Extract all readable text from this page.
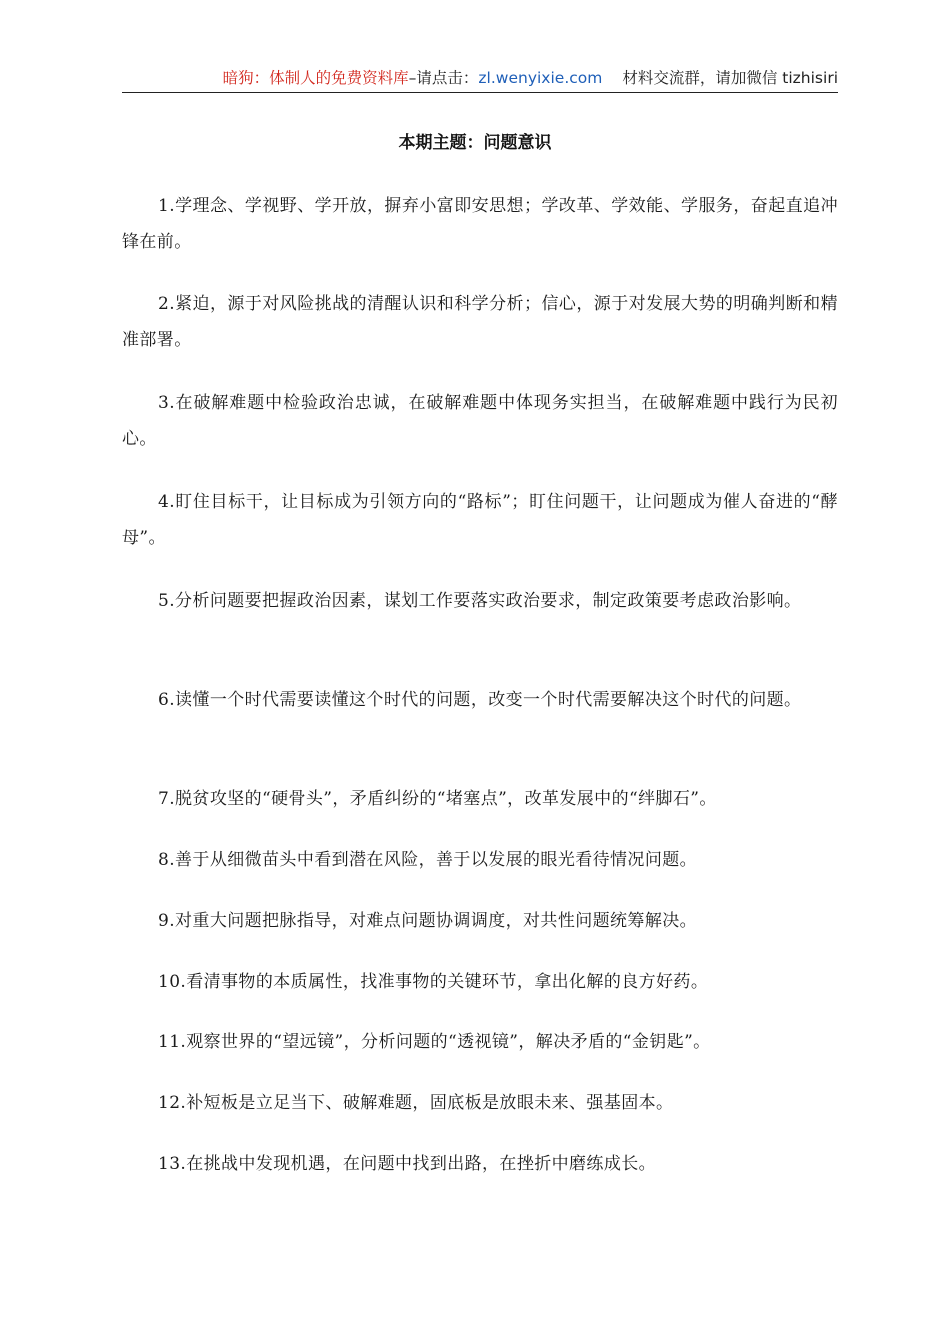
暗狗：体制人的免费资料库–请点击：zl.wenyixie.com 材料交流群，请加微信 tizhisiri
本期主题：问题意识

1.学理念、学视野、学开放，摒弃小富即安思想；学改革、学效能、学服务，奋起直追冲锋在前。

2.紧迫，源于对风险挑战的清醒认识和科学分析；信心，源于对发展大势的明确判断和精准部署。

3.在破解难题中检验政治忠诚，在破解难题中体现务实担当，在破解难题中践行为民初心。

4.盯住目标干，让目标成为引领方向的“路标”；盯住问题干，让问题成为催人奋进的“酵母”。

5.分析问题要把握政治因素，谋划工作要落实政治要求，制定政策要考虑政治影响。

6.读懂一个时代需要读懂这个时代的问题，改变一个时代需要解决这个时代的问题。

7.脱贫攻坚的“硬骨头”，矛盾纠纷的“堵塞点”，改革发展中的“绊脚石”。

8.善于从细微苗头中看到潜在风险，善于以发展的眼光看待情况问题。

9.对重大问题把脉指导，对难点问题协调调度，对共性问题统筹解决。

10.看清事物的本质属性，找准事物的关键环节，拿出化解的良方好药。

11.观察世界的“望远镜”，分析问题的“透视镜”，解决矛盾的“金钥匙”。

12.补短板是立足当下、破解难题，固底板是放眼未来、强基固本。

13.在挑战中发现机遇，在问题中找到出路，在挫折中磨练成长。
